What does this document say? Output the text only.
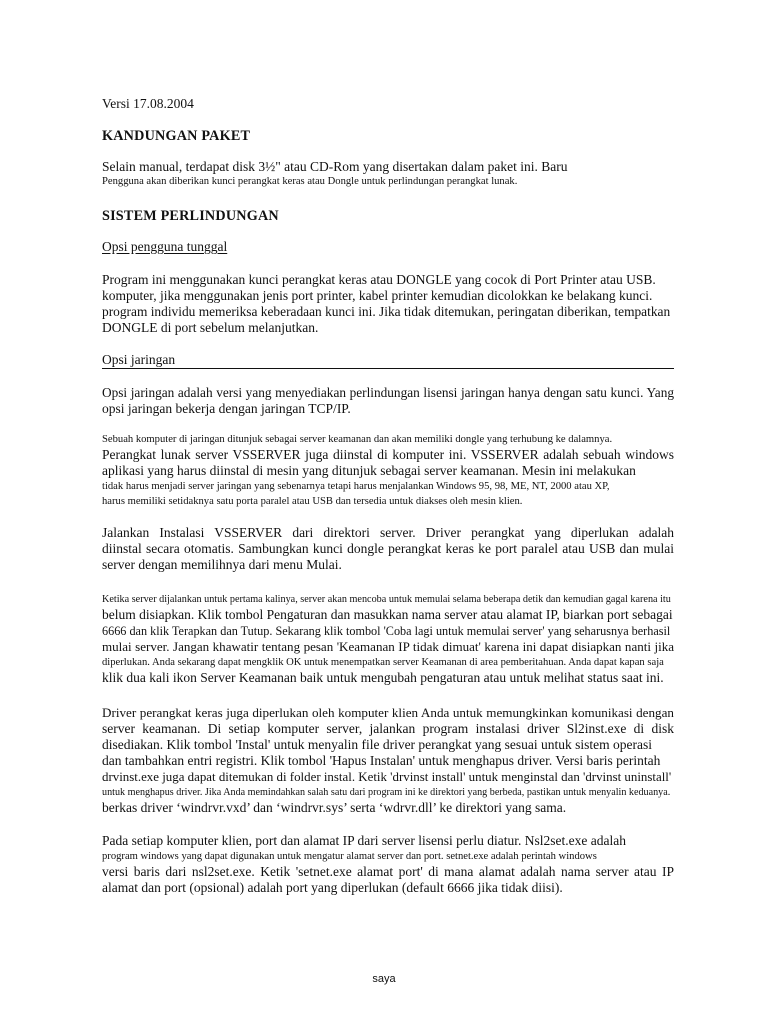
Versi 17.08.2004
KANDUNGAN PAKET
Selain manual, terdapat disk 3½" atau CD-Rom yang disertakan dalam paket ini. Baru
Pengguna akan diberikan kunci perangkat keras atau Dongle untuk perlindungan perangkat lunak.
SISTEM PERLINDUNGAN
Opsi pengguna tunggal
Program ini menggunakan kunci perangkat keras atau DONGLE yang cocok di Port Printer atau USB.
komputer, jika menggunakan jenis port printer, kabel printer kemudian dicolokkan ke belakang kunci.
program individu memeriksa keberadaan kunci ini. Jika tidak ditemukan, peringatan diberikan, tempatkan
DONGLE di port sebelum melanjutkan.
Opsi jaringan
Opsi jaringan adalah versi yang menyediakan perlindungan lisensi jaringan hanya dengan satu kunci. Yang
opsi jaringan bekerja dengan jaringan TCP/IP.
Sebuah komputer di jaringan ditunjuk sebagai server keamanan dan akan memiliki dongle yang terhubung ke dalamnya.
Perangkat lunak server VSSERVER juga diinstal di komputer ini. VSSERVER adalah sebuah windows
aplikasi yang harus diinstal di mesin yang ditunjuk sebagai server keamanan. Mesin ini melakukan
tidak harus menjadi server jaringan yang sebenarnya tetapi harus menjalankan Windows 95, 98, ME, NT, 2000 atau XP,
harus memiliki setidaknya satu porta paralel atau USB dan tersedia untuk diakses oleh mesin klien.
Jalankan Instalasi VSSERVER dari direktori server. Driver perangkat yang diperlukan adalah
diinstal secara otomatis. Sambungkan kunci dongle perangkat keras ke port paralel atau USB dan mulai
server dengan memilihnya dari menu Mulai.
Ketika server dijalankan untuk pertama kalinya, server akan mencoba untuk memulai selama beberapa detik dan kemudian gagal karena itu
belum disiapkan. Klik tombol Pengaturan dan masukkan nama server atau alamat IP, biarkan port sebagai
6666 dan klik Terapkan dan Tutup. Sekarang klik tombol 'Coba lagi untuk memulai server' yang seharusnya berhasil
mulai server. Jangan khawatir tentang pesan 'Keamanan IP tidak dimuat' karena ini dapat disiapkan nanti jika
diperlukan. Anda sekarang dapat mengklik OK untuk menempatkan server Keamanan di area pemberitahuan. Anda dapat kapan saja
klik dua kali ikon Server Keamanan baik untuk mengubah pengaturan atau untuk melihat status saat ini.
Driver perangkat keras juga diperlukan oleh komputer klien Anda untuk memungkinkan komunikasi dengan
server keamanan. Di setiap komputer server, jalankan program instalasi driver Sl2inst.exe di disk
disediakan. Klik tombol 'Instal' untuk menyalin file driver perangkat yang sesuai untuk sistem operasi
dan tambahkan entri registri. Klik tombol 'Hapus Instalan' untuk menghapus driver. Versi baris perintah
drvinst.exe juga dapat ditemukan di folder instal. Ketik 'drvinst install' untuk menginstal dan 'drvinst uninstall'
untuk menghapus driver. Jika Anda memindahkan salah satu dari program ini ke direktori yang berbeda, pastikan untuk menyalin keduanya.
berkas driver ‘windrvr.vxd’ dan ‘windrvr.sys’ serta ‘wdrvr.dll’ ke direktori yang sama.
Pada setiap komputer klien, port dan alamat IP dari server lisensi perlu diatur. Nsl2set.exe adalah
program windows yang dapat digunakan untuk mengatur alamat server dan port. setnet.exe adalah perintah windows
versi baris dari nsl2set.exe. Ketik 'setnet.exe alamat port' di mana alamat adalah nama server atau IP
alamat dan port (opsional) adalah port yang diperlukan (default 6666 jika tidak diisi).
saya
